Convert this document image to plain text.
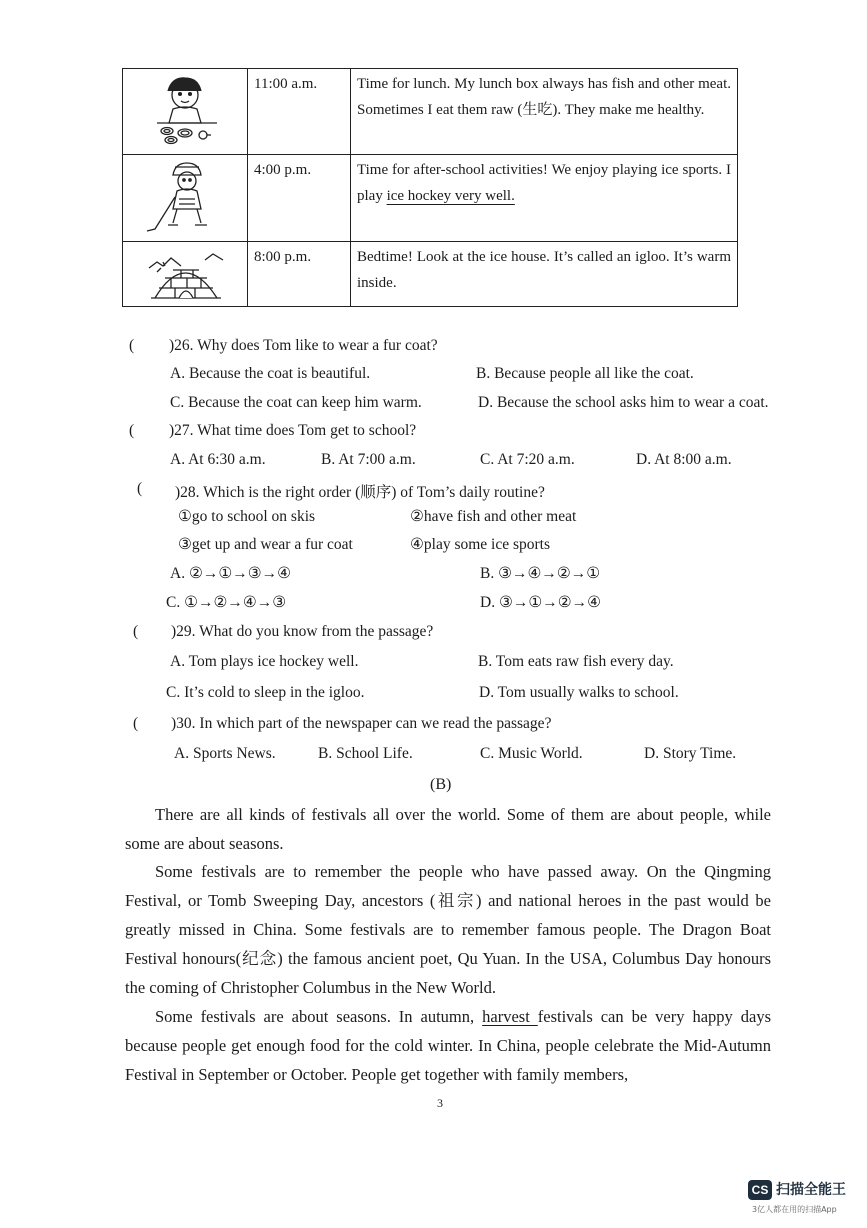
	11:00 a.m.	Time for lunch. My lunch box always has fish and other meat. Sometimes I eat them raw (生吃). They make me healthy.

	4:00 p.m.	Time for after-school activities! We enjoy playing ice sports. I play ice hockey very well.

	8:00 p.m.	Bedtime! Look at the ice house. It’s called an igloo. It’s warm inside.
( )26. Why does Tom like to wear a fur coat?
A. Because the coat is beautiful.	B. Because people all like the coat.
C. Because the coat can keep him warm.	D. Because the school asks him to wear a coat.
( )27. What time does Tom get to school?
A. At 6:30 a.m.	B. At 7:00 a.m.	C. At 7:20 a.m.	D. At 8:00 a.m.
( )28. Which is the right order (顺序) of Tom’s daily routine?
①go to school on skis	②have fish and other meat
③get up and wear a fur coat	④play some ice sports
A. ②→①→③→④	B. ③→④→②→①
C. ①→②→④→③	D. ③→①→②→④
( )29. What do you know from the passage?
A. Tom plays ice hockey well.	B. Tom eats raw fish every day.
C. It’s cold to sleep in the igloo.	D. Tom usually walks to school.
( )30. In which part of the newspaper can we read the passage?
A. Sports News.	B. School Life.	C. Music World.	D. Story Time.
(B)
There are all kinds of festivals all over the world. Some of them are about people, while some are about seasons.
Some festivals are to remember the people who have passed away. On the Qingming Festival, or Tomb Sweeping Day, ancestors (祖宗) and national heroes in the past would be greatly missed in China. Some festivals are to remember famous people. The Dragon Boat Festival honours(纪念) the famous ancient poet, Qu Yuan. In the USA, Columbus Day honours the coming of Christopher Columbus in the New World.
Some festivals are about seasons. In autumn, harvest festivals can be very happy days because people get enough food for the cold winter. In China, people celebrate the Mid-Autumn Festival in September or October. People get together with family members,
3
CS 扫描全能王
3亿人都在用的扫描App
